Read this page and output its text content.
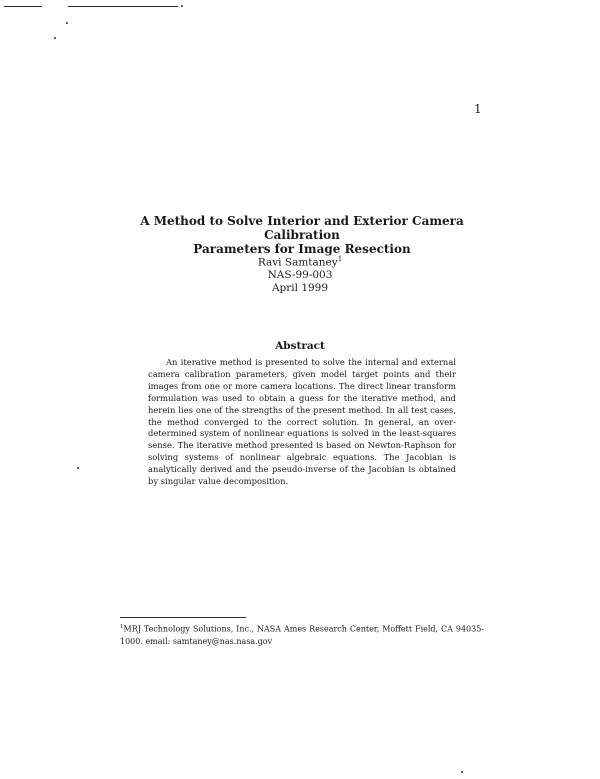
1
A Method to Solve Interior and Exterior Camera Calibration
Parameters for Image Resection
Ravi Samtaney$^1$
NAS-99-003
April 1999
Abstract

An iterative method is presented to solve the internal and external camera calibration parameters, given model target points and their images from one or more camera locations. The direct linear transform formulation was used to obtain a guess for the iterative method, and herein lies one of the strengths of the present method. In all test cases, the method converged to the correct solution. In general, an over-determined system of nonlinear equations is solved in the least-squares sense. The iterative method presented is based on Newton-Raphson for solving systems of nonlinear algebraic equations. The Jacobian is analytically derived and the pseudo-inverse of the Jacobian is obtained by singular value decomposition.

$^1$MRJ Technology Solutions, Inc., NASA Ames Research Center, Moffett Field, CA 94035-1000. email: samtaney@nas.nasa.gov
